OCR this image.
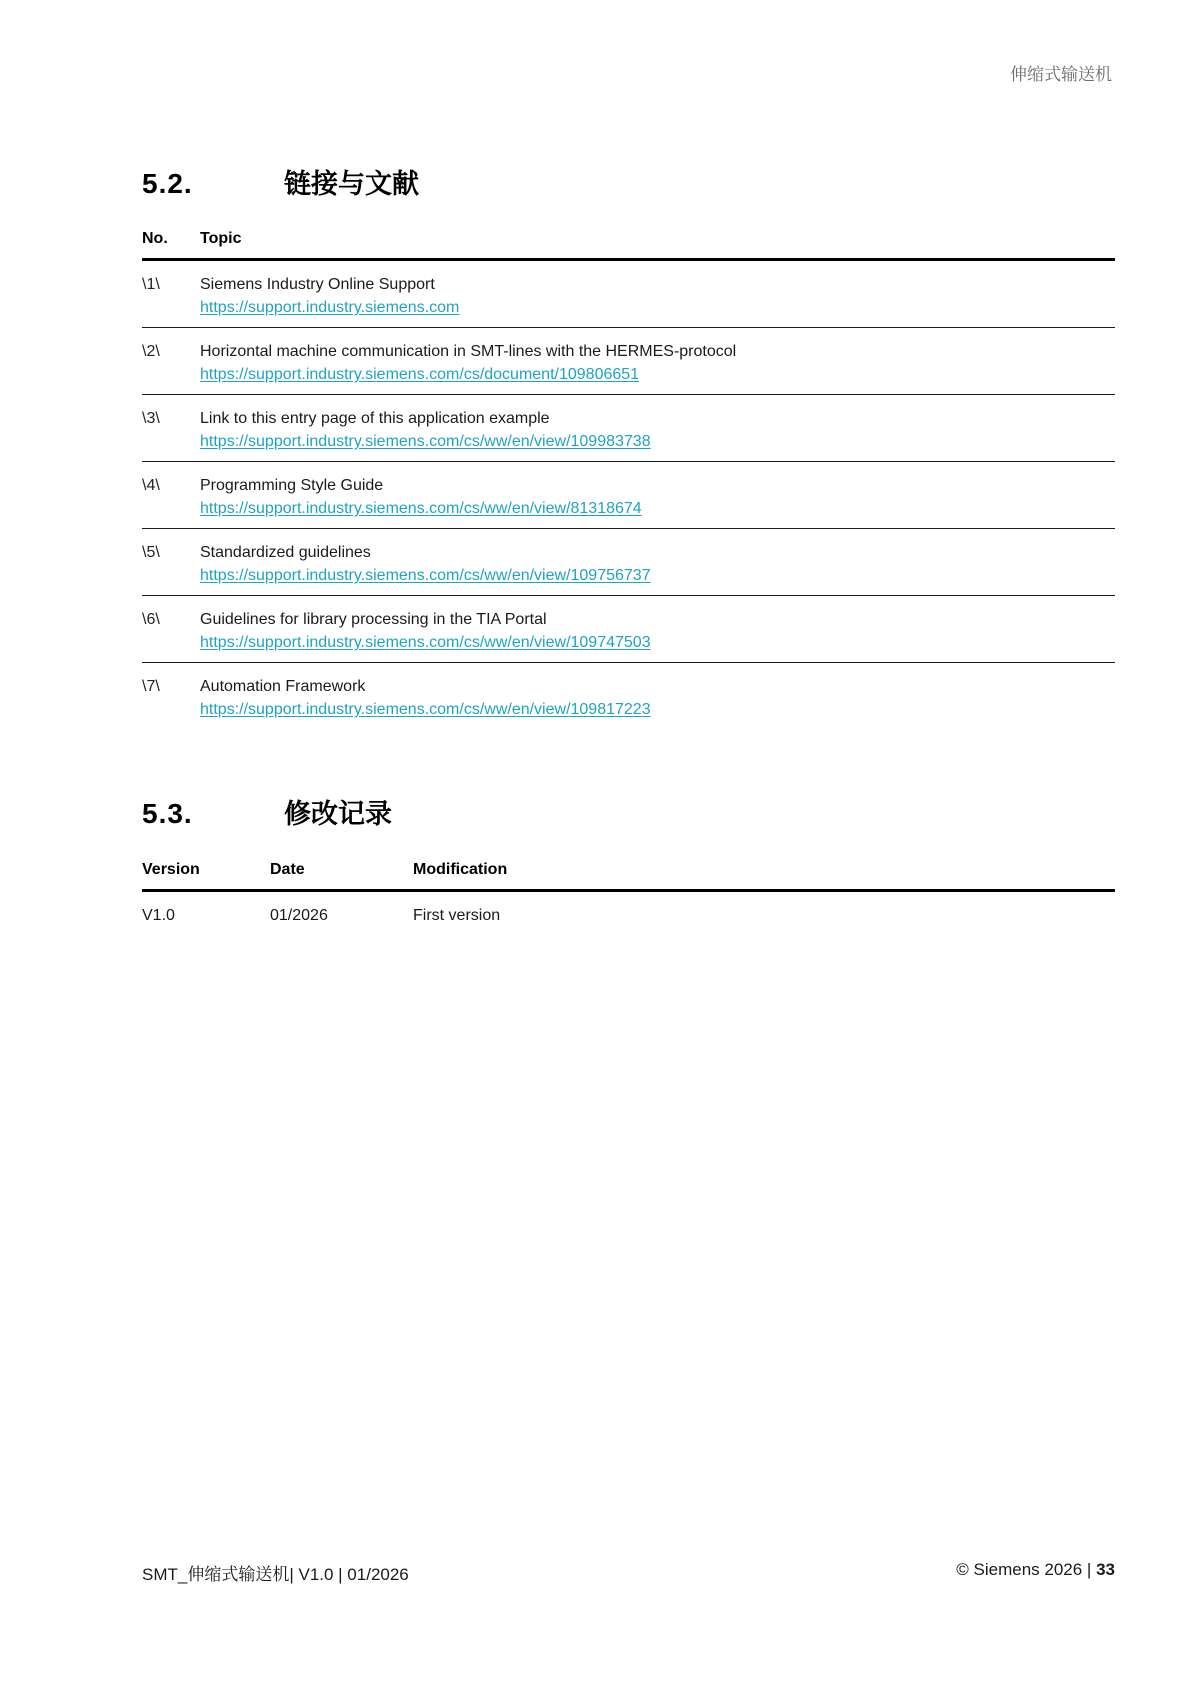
伸缩式输送机
5.2.	链接与文献
No.	Topic
\1\	Siemens Industry Online Support
https://support.industry.siemens.com

\2\	Horizontal machine communication in SMT-lines with the HERMES-protocol
https://support.industry.siemens.com/cs/document/109806651

\3\	Link to this entry page of this application example
https://support.industry.siemens.com/cs/ww/en/view/109983738

\4\	Programming Style Guide
https://support.industry.siemens.com/cs/ww/en/view/81318674

\5\	Standardized guidelines
https://support.industry.siemens.com/cs/ww/en/view/109756737

\6\	Guidelines for library processing in the TIA Portal
https://support.industry.siemens.com/cs/ww/en/view/109747503

\7\	Automation Framework
https://support.industry.siemens.com/cs/ww/en/view/109817223
5.3.	修改记录
Version	Date	Modification
V1.0	01/2026	First version
SMT_伸缩式输送机| V1.0 | 01/2026	© Siemens 2026 | 33
